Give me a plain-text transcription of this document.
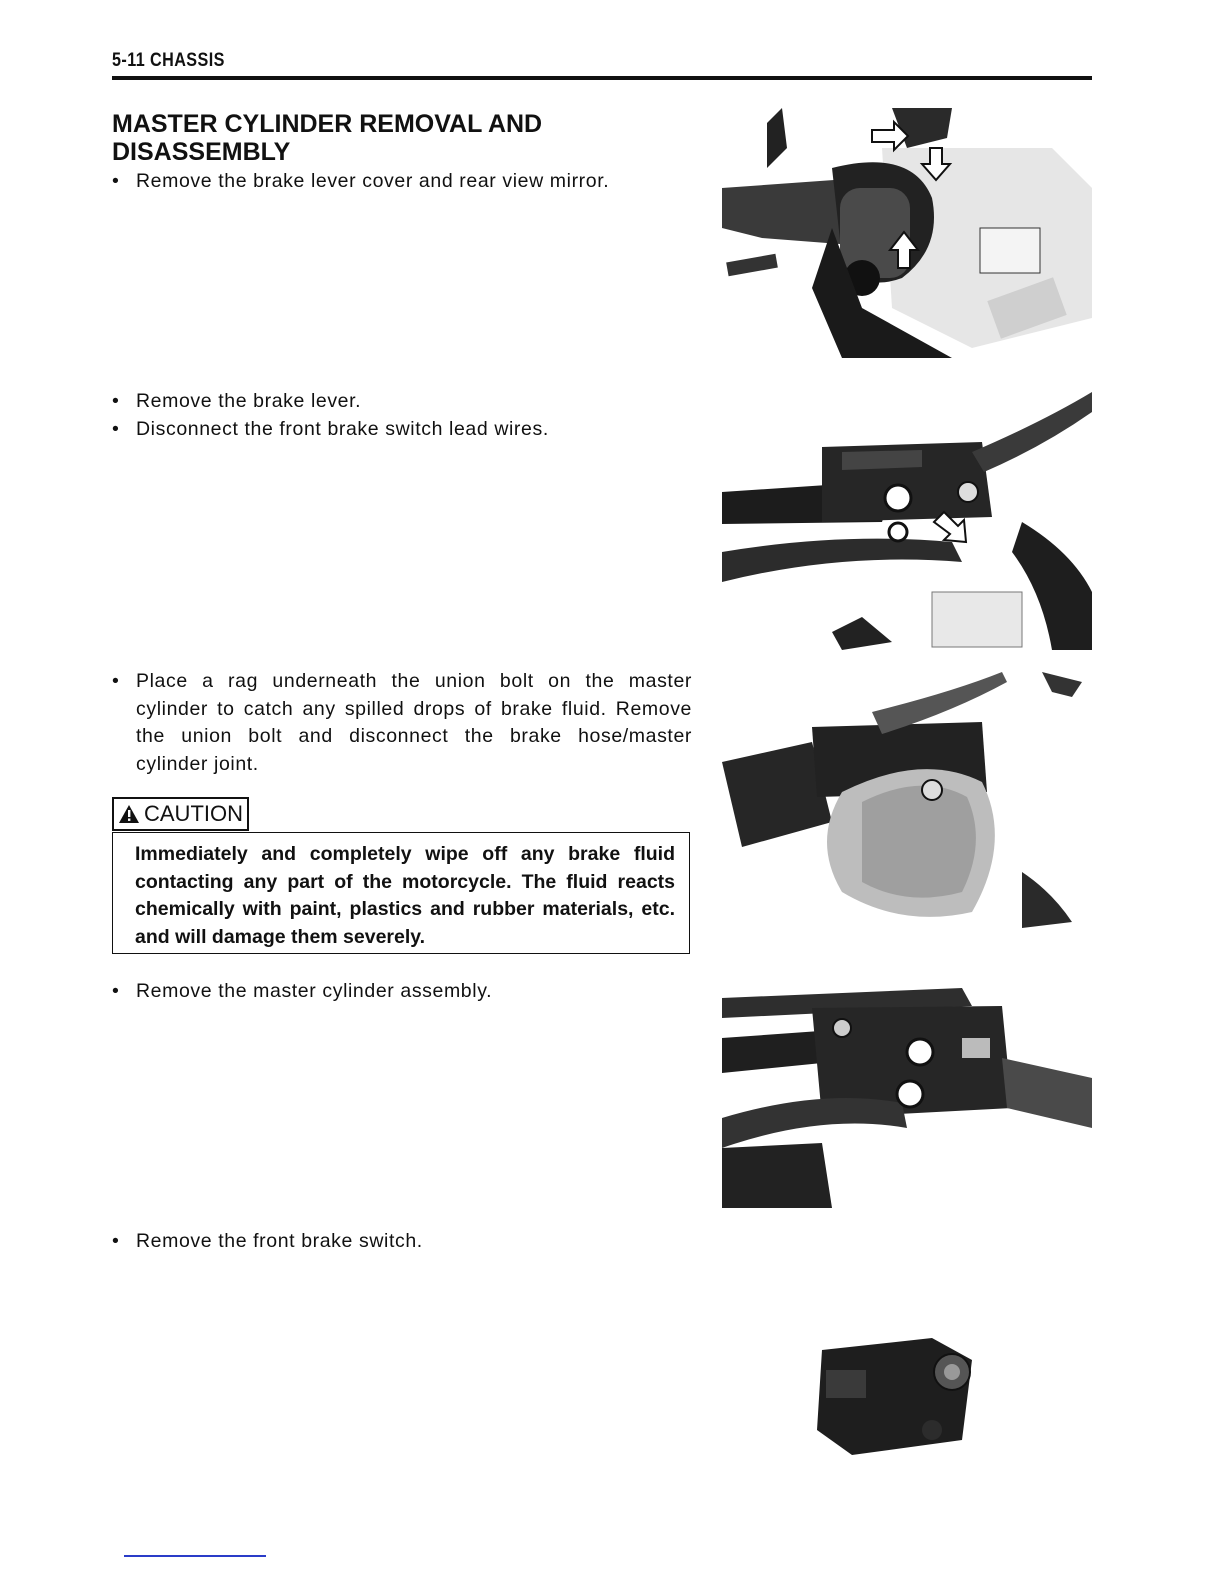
5-11 CHASSIS
MASTER CYLINDER REMOVAL AND DISASSEMBLY
• Remove the brake lever cover and rear view mirror.
• Remove the brake lever.
• Disconnect the front brake switch lead wires.
• Place a rag underneath the union bolt on the master cylinder to catch any spilled drops of brake fluid. Remove the union bolt and disconnect the brake hose/master cylinder joint.
CAUTION
Immediately and completely wipe off any brake fluid contacting any part of the motorcycle. The fluid reacts chemically with paint, plastics and rubber materials, etc. and will damage them severely.
• Remove the master cylinder assembly.
• Remove the front brake switch.
